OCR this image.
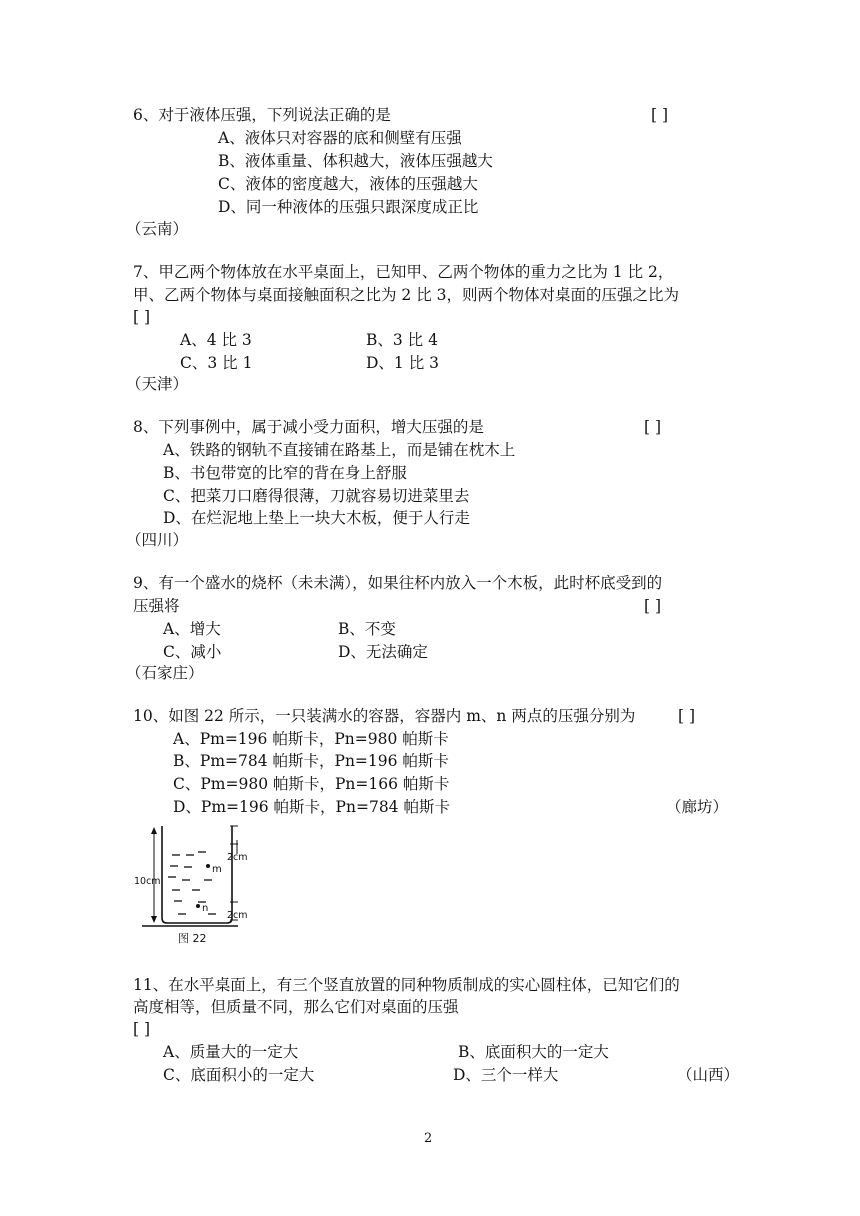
6、对于液体压强，下列说法正确的是	[ ]
A、液体只对容器的底和侧壁有压强
B、液体重量、体积越大，液体压强越大
C、液体的密度越大，液体的压强越大
D、同一种液体的压强只跟深度成正比
（云南）
7、甲乙两个物体放在水平桌面上，已知甲、乙两个物体的重力之比为 1 比 2，
甲、乙两个物体与桌面接触面积之比为 2 比 3，则两个物体对桌面的压强之比为
[ ]
A、4 比 3	B、3 比 4
C、3 比 1	D、1 比 3
（天津）
8、下列事例中，属于减小受力面积，增大压强的是	[ ]
A、铁路的钢轨不直接铺在路基上，而是铺在枕木上
B、书包带宽的比窄的背在身上舒服
C、把菜刀口磨得很薄，刀就容易切进菜里去
D、在烂泥地上垫上一块大木板，便于人行走
（四川）
9、有一个盛水的烧杯（未未满），如果往杯内放入一个木板，此时杯底受到的
压强将	[ ]
A、增大	B、不变
C、减小	D、无法确定
（石家庄）
10、如图 22 所示，一只装满水的容器，容器内 m、n 两点的压强分别为	[ ]
A、Pm=196 帕斯卡，Pn=980 帕斯卡
B、Pm=784 帕斯卡，Pn=196 帕斯卡
C、Pm=980 帕斯卡，Pn=166 帕斯卡
D、Pm=196 帕斯卡，Pn=784 帕斯卡	（廊坊）
m
n
10cm
2cm
2cm
图 22
11、在水平桌面上，有三个竖直放置的同种物质制成的实心圆柱体，已知它们的
高度相等，但质量不同，那么它们对桌面的压强
[ ]
A、质量大的一定大	B、底面积大的一定大
C、底面积小的一定大	D、三个一样大	（山西）
2
